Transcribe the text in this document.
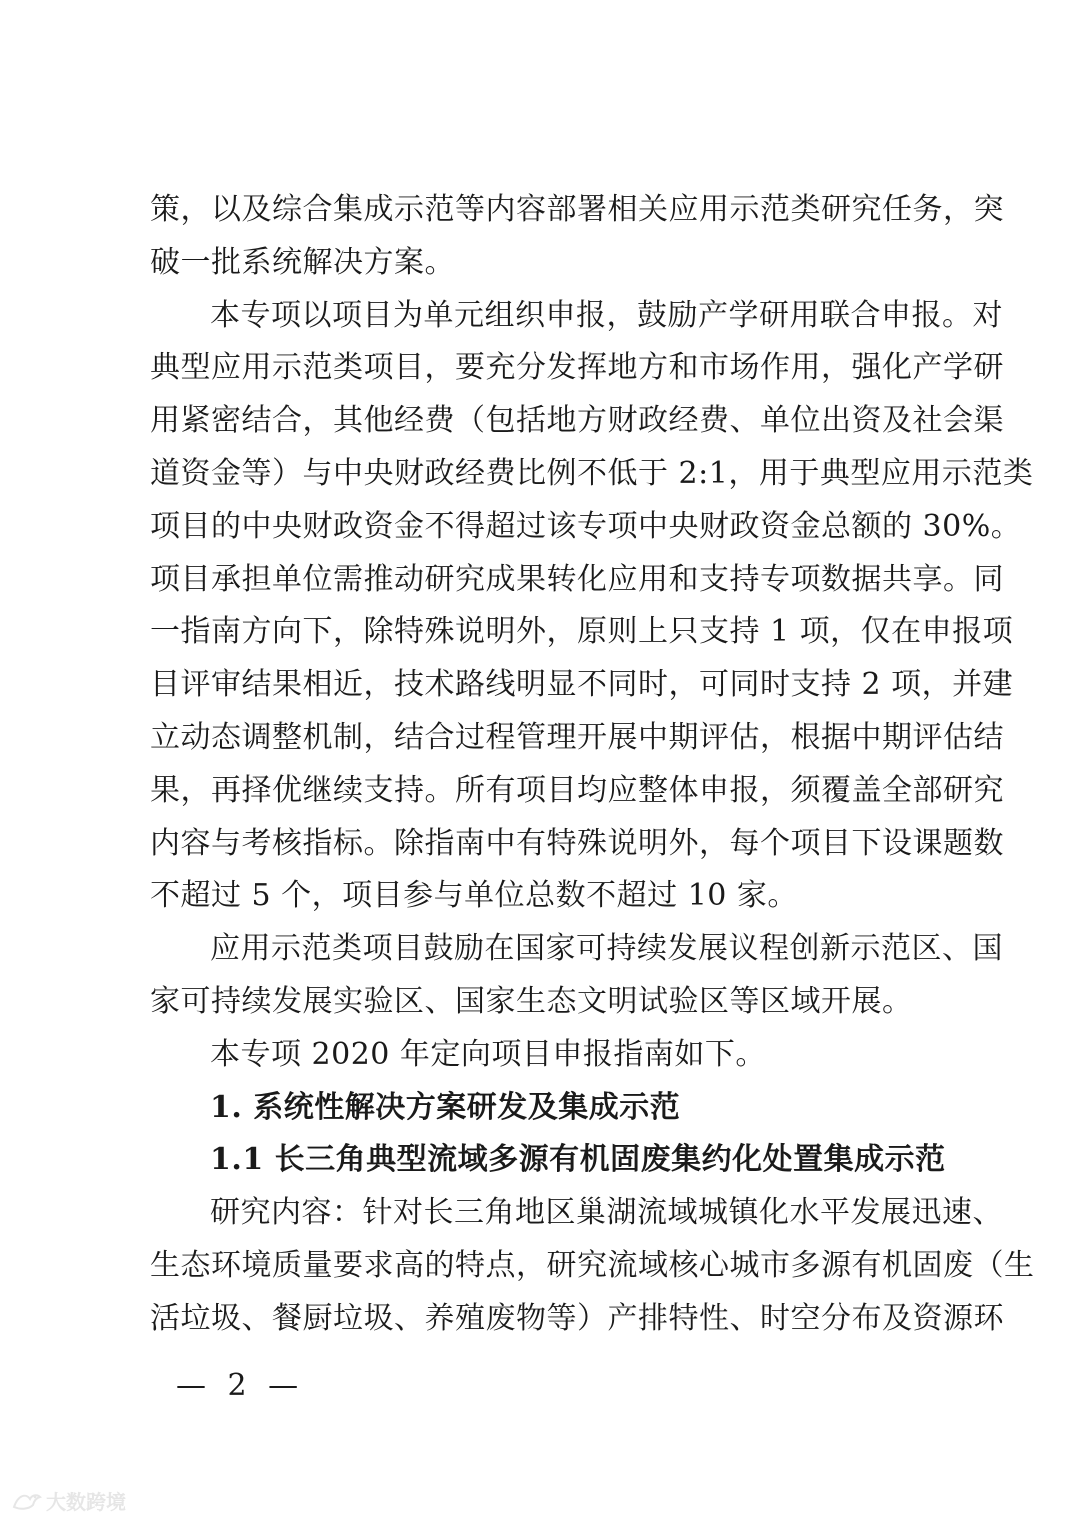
策，以及综合集成示范等内容部署相关应用示范类研究任务，突
破一批系统解决方案。
本专项以项目为单元组织申报，鼓励产学研用联合申报。对
典型应用示范类项目，要充分发挥地方和市场作用，强化产学研
用紧密结合，其他经费（包括地方财政经费、单位出资及社会渠
道资金等）与中央财政经费比例不低于 2:1，用于典型应用示范类
项目的中央财政资金不得超过该专项中央财政资金总额的 30%。
项目承担单位需推动研究成果转化应用和支持专项数据共享。同
一指南方向下，除特殊说明外，原则上只支持 1 项，仅在申报项
目评审结果相近，技术路线明显不同时，可同时支持 2 项，并建
立动态调整机制，结合过程管理开展中期评估，根据中期评估结
果，再择优继续支持。所有项目均应整体申报，须覆盖全部研究
内容与考核指标。除指南中有特殊说明外，每个项目下设课题数
不超过 5 个，项目参与单位总数不超过 10 家。
应用示范类项目鼓励在国家可持续发展议程创新示范区、国
家可持续发展实验区、国家生态文明试验区等区域开展。
本专项 2020 年定向项目申报指南如下。
1. 系统性解决方案研发及集成示范
1.1 长三角典型流域多源有机固废集约化处置集成示范
研究内容：针对长三角地区巢湖流域城镇化水平发展迅速、
生态环境质量要求高的特点，研究流域核心城市多源有机固废（生
活垃圾、餐厨垃圾、养殖废物等）产排特性、时空分布及资源环
— 2 —
大数跨境
